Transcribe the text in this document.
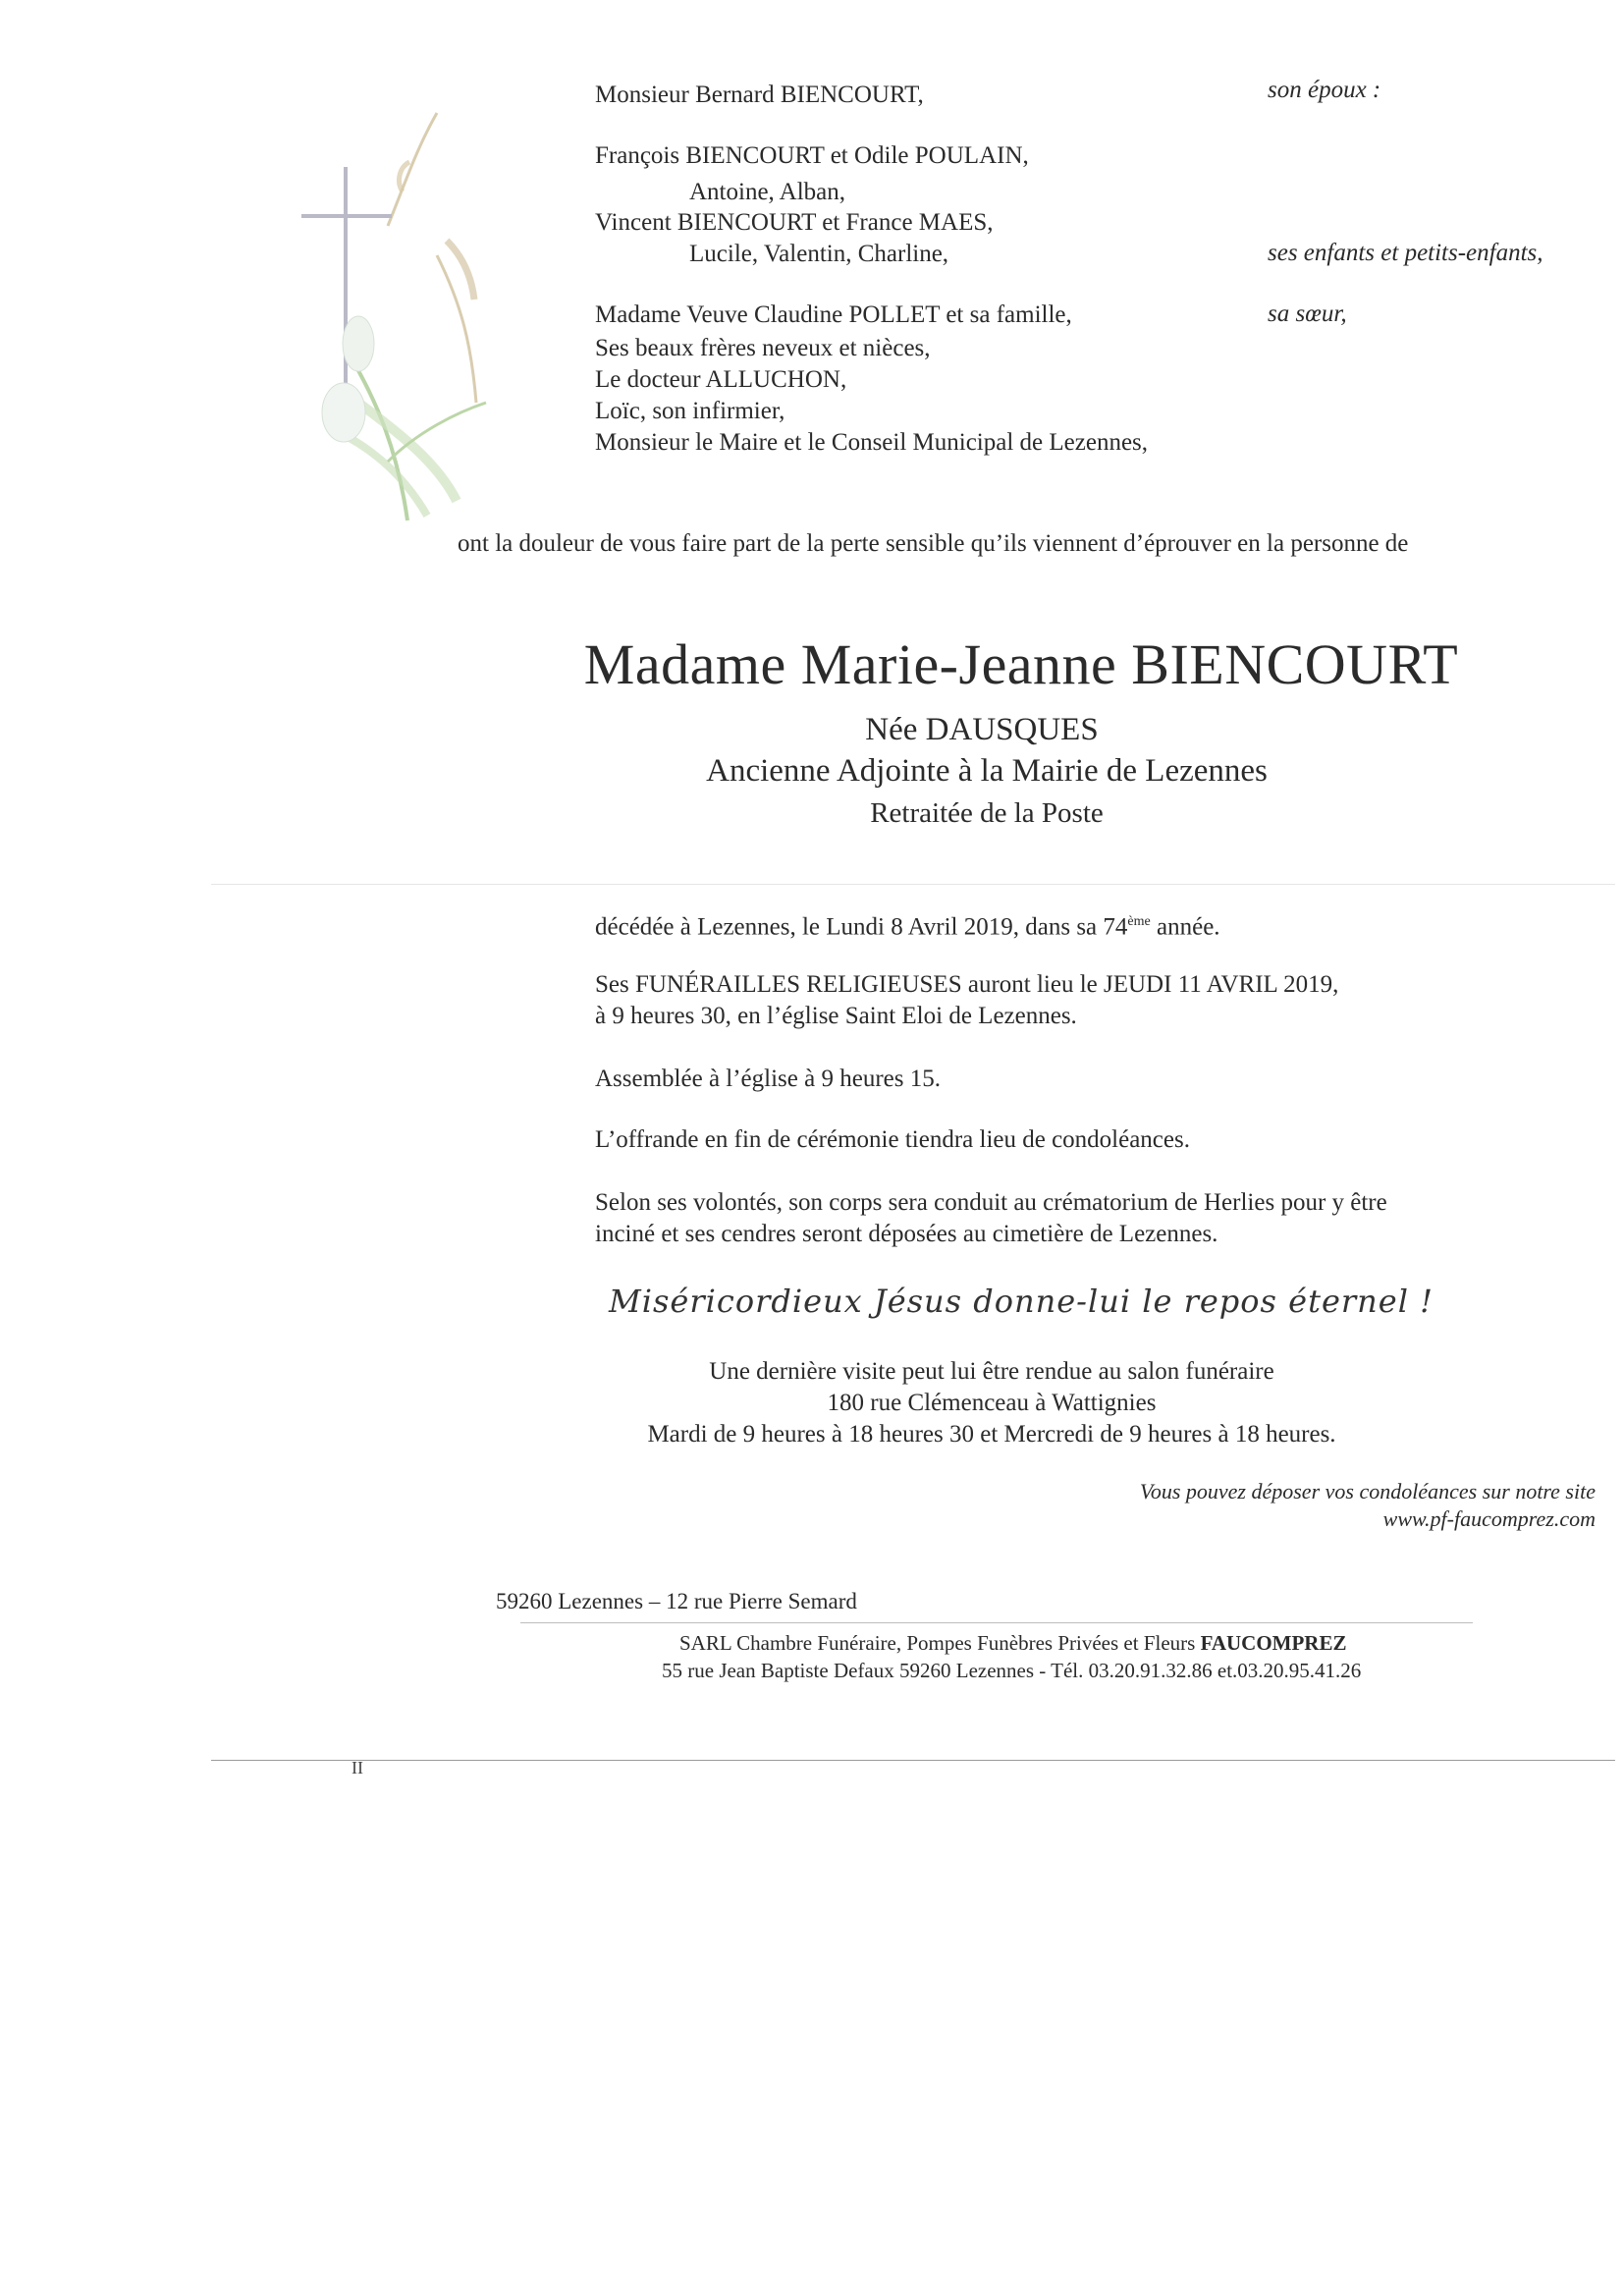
Monsieur Bernard BIENCOURT,	son époux :
François BIENCOURT et Odile POULAIN,
Antoine, Alban,
Vincent BIENCOURT et France MAES,
Lucile, Valentin, Charline,	ses enfants et petits-enfants,
Madame Veuve Claudine POLLET et sa famille,	sa sœur,
Ses beaux frères neveux et nièces,
Le docteur ALLUCHON,
Loïc, son infirmier,
Monsieur le Maire et le Conseil Municipal de Lezennes,
ont la douleur de vous faire part de la perte sensible qu’ils viennent d’éprouver en la personne de
Madame Marie-Jeanne BIENCOURT
Née DAUSQUES
Ancienne Adjointe à la Mairie de Lezennes
Retraitée de la Poste
décédée à Lezennes, le Lundi 8 Avril 2019, dans sa 74ème année.
Ses FUNÉRAILLES RELIGIEUSES auront lieu le JEUDI 11 AVRIL 2019,
à 9 heures 30, en l’église Saint Eloi de Lezennes.
Assemblée à l’église à 9 heures 15.
L’offrande en fin de cérémonie tiendra lieu de condoléances.
Selon ses volontés, son corps sera conduit au crématorium de Herlies pour y être
inciné et ses cendres seront déposées au cimetière de Lezennes.
Miséricordieux Jésus donne-lui le repos éternel !
Une dernière visite peut lui être rendue au salon funéraire
180 rue Clémenceau à Wattignies
Mardi de 9 heures à 18 heures 30 et Mercredi de 9 heures à 18 heures.
Vous pouvez déposer vos condoléances sur notre site
www.pf-faucomprez.com
59260 Lezennes – 12 rue Pierre Semard
SARL Chambre Funéraire, Pompes Funèbres Privées et Fleurs FAUCOMPREZ
55 rue Jean Baptiste Defaux 59260 Lezennes - Tél. 03.20.91.32.86 et.03.20.95.41.26
II
